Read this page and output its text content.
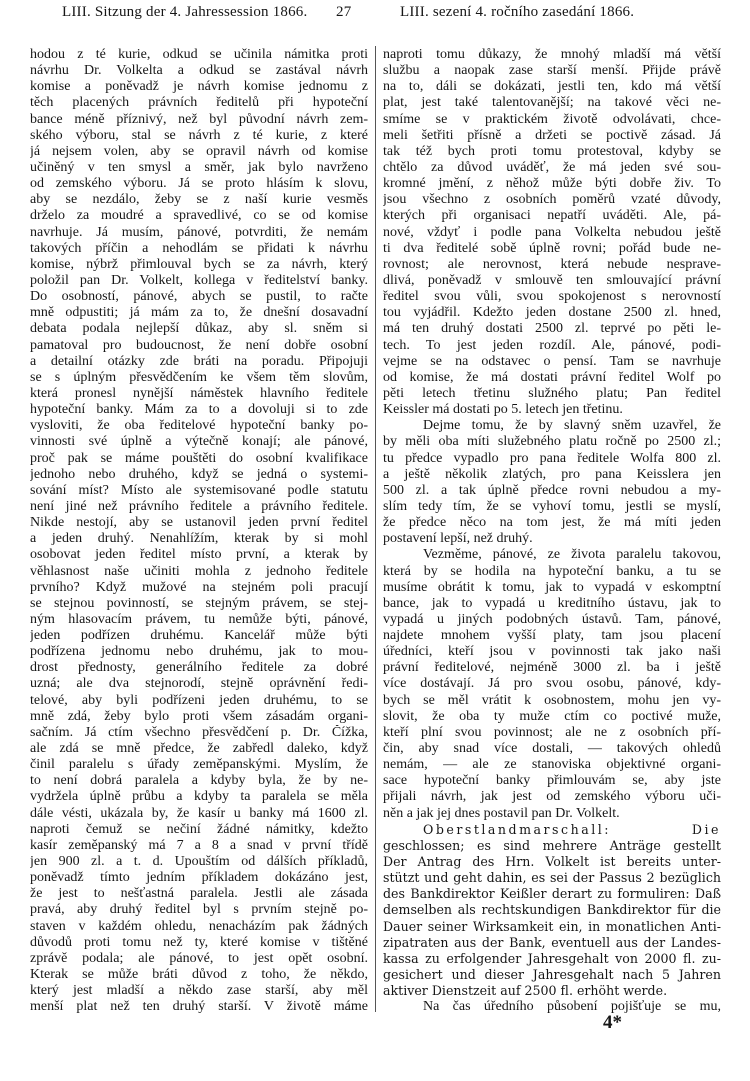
LIII. Sitzung der 4. Jahressession 1866. 27	LIII. sezení 4. ročního zasedání 1866.
hodou z té kurie, odkud se učinila námitka proti
návrhu Dr. Volkelta a odkud se zastával návrh
komise a poněvadž je návrh komise jednomu z
těch placených právních ředitelů při hypoteční
bance méně příznivý, než byl původní návrh zem-
ského výboru, stal se návrh z té kurie, z které
já nejsem volen, aby se opravil návrh od komise
učiněný v ten smysl a směr, jak bylo navrženo
od zemského výboru. Já se proto hlásím k slovu,
aby se nezdálo, žeby se z naší kurie vesměs
drželo za moudré a spravedlivé, co se od komise
navrhuje. Já musím, pánové, potvrditi, že nemám
takových příčin a nehodlám se přidati k návrhu
komise, nýbrž přimlouval bych se za návrh, který
položil pan Dr. Volkelt, kollega v ředitelství banky.
Do osobností, pánové, abych se pustil, to račte
mně odpustiti; já mám za to, že dnešní dosavadní
debata podala nejlepší důkaz, aby sl. sněm si
pamatoval pro budoucnost, že není dobře osobní
a detailní otázky zde bráti na poradu. Připojuji
se s úplným přesvědčením ke všem těm slovům,
která pronesl nynější náměstek hlavního ředitele
hypoteční banky. Mám za to a dovoluji si to zde
vysloviti, že oba ředitelové hypoteční banky po-
vinnosti své úplně a výtečně konají; ale pánové,
proč pak se máme pouštěti do osobní kvalifikace
jednoho nebo druhého, když se jedná o systemi-
sování míst? Místo ale systemisované podle statutu
není jiné než právního ředitele a právního ředitele.
Nikde nestojí, aby se ustanovil jeden první ředitel
a jeden druhý. Nenahlížím, kterak by si mohl
osobovat jeden ředitel místo první, a kterak by
věhlasnost naše učiniti mohla z jednoho ředitele
prvního? Když mužové na stejném poli pracují
se stejnou povinností, se stejným právem, se stej-
ným hlasovacím právem, tu nemůže býti, pánové,
jeden podřízen druhému. Kancelář může býti
podřízena jednomu nebo druhému, jak to mou-
drost přednosty, generálního ředitele za dobré
uzná; ale dva stejnorodí, stejně oprávnění ředi-
telové, aby byli podřízeni jeden druhému, to se
mně zdá, žeby bylo proti všem zásadám organi-
sačním. Já ctím všechno přesvědčení p. Dr. Čížka,
ale zdá se mně předce, že zabředl daleko, když
činil paralelu s úřady zeměpanskými. Myslím, že
to není dobrá paralela a kdyby byla, že by ne-
vydržela úplně průbu a kdyby ta paralela se měla
dále vésti, ukázala by, že kasír u banky má 1600 zl.
naproti čemuž se nečiní žádné námitky, kdežto
kasír zeměpanský má 7 a 8 a snad v první třídě
jen 900 zl. a t. d. Upouštím od dálších příkladů,
poněvadž tímto jedním příkladem dokázáno jest,
že jest to nešťastná paralela. Jestli ale zásada
pravá, aby druhý ředitel byl s prvním stejně po-
staven v každém ohledu, nenacházím pak žádných
důvodů proti tomu než ty, které komise v tištěné
zprávě podala; ale pánové, to jest opět osobní.
Kterak se může bráti důvod z toho, že někdo,
který jest mladší a někdo zase starší, aby měl
menší plat než ten druhý starší. V životě máme
naproti tomu důkazy, že mnohý mladší má větší
službu a naopak zase starší menší. Přijde právě
na to, dáli se dokázati, jestli ten, kdo má větší
plat, jest také talentovanější; na takové věci ne-
smíme se v praktickém životě odvolávati, chce-
meli šetřiti přísně a držeti se poctivě zásad. Já
tak též bych proti tomu protestoval, kdyby se
chtělo za důvod uváděť, že má jeden své sou-
kromné jmění, z něhož může býti dobře živ. To
jsou všechno z osobních poměrů vzaté důvody,
kterých při organisaci nepatří uváděti. Ale, pá-
nové, vždyť i podle pana Volkelta nebudou ještě
ti dva ředitelé sobě úplně rovni; pořád bude ne-
rovnost; ale nerovnost, která nebude nesprave-
dlivá, poněvadž v smlouvě ten smlouvající právní
ředitel svou vůli, svou spokojenost s nerovností
tou vyjádřil. Kdežto jeden dostane 2500 zl. hned,
má ten druhý dostati 2500 zl. teprvé po pěti le-
tech. To jest jeden rozdíl. Ale, pánové, podi-
vejme se na odstavec o pensí. Tam se navrhuje
od komise, že má dostati právní ředitel Wolf po
pěti letech třetinu služného platu; Pan ředitel
Keissler má dostati po 5. letech jen třetinu.
Dejme tomu, že by slavný sněm uzavřel, že
by měli oba míti služebného platu ročně po 2500 zl.;
tu předce vypadlo pro pana ředitele Wolfa 800 zl.
a ještě několik zlatých, pro pana Keisslera jen
500 zl. a tak úplně předce rovni nebudou a my-
slím tedy tím, že se vyhoví tomu, jestli se myslí,
že předce něco na tom jest, že má míti jeden
postavení lepší, než druhý.
Vezměme, pánové, ze života paralelu takovou,
která by se hodila na hypoteční banku, a tu se
musíme obrátit k tomu, jak to vypadá v eskomptní
bance, jak to vypadá u kreditního ústavu, jak to
vypadá u jiných podobných ústavů. Tam, pánové,
najdete mnohem vyšší platy, tam jsou placení
úředníci, kteří jsou v povinnosti tak jako naši
právní ředitelové, nejméně 3000 zl. ba i ještě
více dostávají. Já pro svou osobu, pánové, kdy-
bych se měl vrátit k osobnostem, mohu jen vy-
slovit, že oba ty muže ctím co poctivé muže,
kteří plní svou povinnost; ale ne z osobních pří-
čin, aby snad více dostali, — takových ohledů
nemám, — ale ze stanoviska objektivné organi-
sace hypoteční banky přimlouvám se, aby jste
přijali návrh, jak jest od zemského výboru uči-
něn a jak jej dnes postavil pan Dr. Volkelt.
Oberstlandmarschall: Die
geschlossen; es sind mehrere Anträge gestellt
Der Antrag des Hrn. Volkelt ist bereits unter-
stützt und geht dahin, es sei der Passus 2 bezüglich
des Bankdirektor Keißler derart zu formuliren: Daß
demselben als rechtskundigen Bankdirektor für die
Dauer seiner Wirksamkeit ein, in monatlichen Anti-
zipatraten aus der Bank, eventuell aus der Landes-
kassa zu erfolgender Jahresgehalt von 2000 fl. zu-
gesichert und dieser Jahresgehalt nach 5 Jahren
aktiver Dienstzeit auf 2500 fl. erhöht werde.
Na čas úředního působení pojišťuje se mu,
4*
